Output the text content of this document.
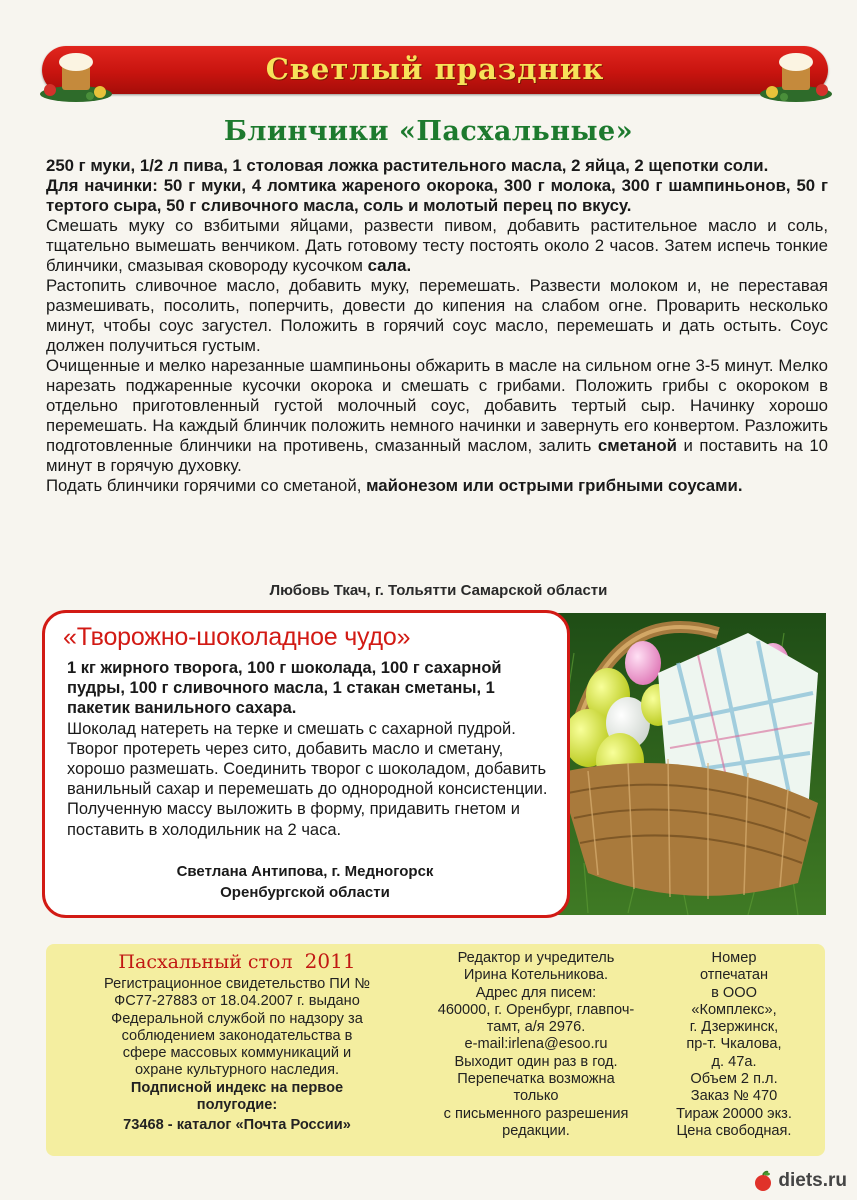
Светлый праздник
Блинчики «Пасхальные»

250 г муки, 1/2 л пива, 1 столовая ложка растительного масла, 2 яйца, 2 щепотки соли.

Для начинки: 50 г муки, 4 ломтика жареного окорока, 300 г молока, 300 г шампиньонов, 50 г тертого сыра, 50 г сливочного масла, соль и молотый перец по вкусу.

Смешать муку со взбитыми яйцами, развести пивом, добавить растительное масло и соль, тщательно вымешать венчиком. Дать готовому тесту постоять около 2 часов. Затем испечь тонкие блинчики, смазывая сковороду кусочком сала.

Растопить сливочное масло, добавить муку, перемешать. Развести молоком и, не переставая размешивать, посолить, поперчить, довести до кипения на слабом огне. Проварить несколько минут, чтобы соус загустел. Положить в горячий соус масло, перемешать и дать остыть. Соус должен получиться густым.

Очищенные и мелко нарезанные шампиньоны обжарить в масле на сильном огне 3-5 минут. Мелко нарезать поджаренные кусочки окорока и смешать с грибами. Положить грибы с окороком в отдельно приготовленный густой молочный соус, добавить тертый сыр. Начинку хорошо перемешать. На каждый блинчик положить немного начинки и завернуть его конвертом. Разложить подготовленные блинчики на противень, смазанный маслом, залить сметаной и поставить на 10 минут в горячую духовку.

Подать блинчики горячими со сметаной, майонезом или острыми грибными соусами.

Любовь Ткач, г. Тольятти Самарской области
«Творожно-шоколадное чудо»

1 кг жирного творога, 100 г шоколада, 100 г сахарной пудры, 100 г сливочного масла, 1 стакан сметаны, 1 пакетик ванильного сахара.

Шоколад натереть на терке и смешать с сахарной пудрой. Творог протереть через сито, добавить масло и сметану, хорошо размешать. Соединить творог с шоколадом, добавить ванильный сахар и перемешать до однородной консистенции. Полученную массу выложить в форму, придавить гнетом и поставить в холодильник на 2 часа.

Светлана Антипова, г. Медногорск
Оренбургской области
Пасхальный стол 2011
Регистрационное свидетельство ПИ №
ФС77-27883 от 18.04.2007 г. выдано
Федеральной службой по надзору за
соблюдением законодательства в
сфере массовых коммуникаций и
охране культурного наследия.
Подписной индекс на первое
полугодие:
73468 - каталог «Почта России»
Редактор и учредитель
Ирина Котельникова.
Адрес для писем:
460000, г. Оренбург, главпоч-
тамт, а/я 2976.
e-mail:irlena@esoo.ru
Выходит один раз в год.
Перепечатка возможна
только
с письменного разрешения
редакции.
Номер
отпечатан
в ООО
«Комплекс»,
г. Дзержинск,
пр-т. Чкалова,
д. 47а.
Объем 2 п.л.
Заказ № 470
Тираж 20000 экз.
Цена свободная.
diets.ru
